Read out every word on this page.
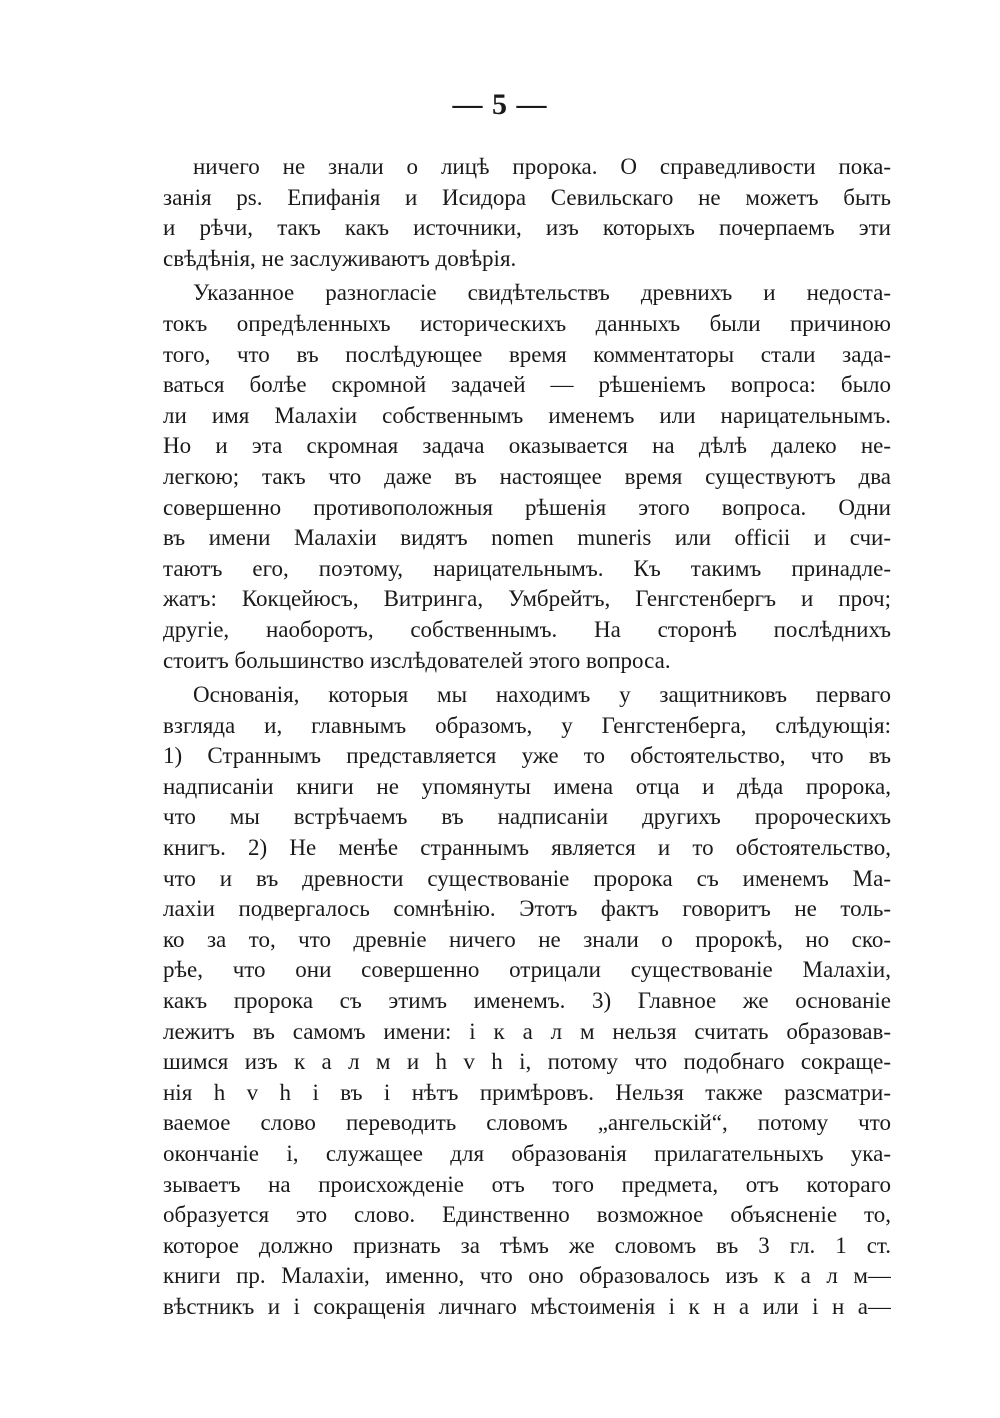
— 5 —
ничего не знали о лицѣ пророка. О справедливости пока-
занія ps. Епифанія и Исидора Севильскаго не можетъ быть
и рѣчи, такъ какъ источники, изъ которыхъ почерпаемъ эти
свѣдѣнія, не заслуживаютъ довѣрія.
Указанное разногласіе свидѣтельствъ древнихъ и недоста-
токъ опредѣленныхъ историческихъ данныхъ были причиною
того, что въ послѣдующее время комментаторы стали зада-
ваться болѣе скромной задачей — рѣшеніемъ вопроса: было
ли имя Малахіи собственнымъ именемъ или нарицательнымъ.
Но и эта скромная задача оказывается на дѣлѣ далеко не-
легкою; такъ что даже въ настоящее время существуютъ два
совершенно противоположныя рѣшенія этого вопроса. Одни
въ имени Малахіи видятъ nomen muneris или officii и счи-
таютъ его, поэтому, нарицательнымъ. Къ такимъ принадле-
жатъ: Кокцейюсъ, Витринга, Умбрейтъ, Генгстенбергъ и проч;
другіе, наоборотъ, собственнымъ. На сторонѣ послѣднихъ
стоитъ большинство изслѣдователей этого вопроса.
Основанія, которыя мы находимъ у защитниковъ перваго
взгляда и, главнымъ образомъ, у Генгстенберга, слѣдующія:
1) Страннымъ представляется уже то обстоятельство, что въ
надписаніи книги не упомянуты имена отца и дѣда пророка,
что мы встрѣчаемъ въ надписаніи другихъ пророческихъ
книгъ. 2) Не менѣе страннымъ является и то обстоятельство,
что и въ древности существованіе пророка съ именемъ Ма-
лахіи подвергалось сомнѣнію. Этотъ фактъ говоритъ не толь-
ко за то, что древніе ничего не знали о пророкѣ, но ско-
рѣе, что они совершенно отрицали существованіе Малахіи,
какъ пророка съ этимъ именемъ. 3) Главное же основаніе
лежитъ въ самомъ имени: і к а л м нельзя считать образовав-
шимся изъ к а л м и h v h і, потому что подобнаго сокраще-
нія h v h і въ і нѣтъ примѣровъ. Нельзя также разсматри-
ваемое слово переводить словомъ „ангельскій“, потому что
окончаніе і, служащее для образованія прилагательныхъ ука-
зываетъ на происхожденіе отъ того предмета, отъ котораго
образуется это слово. Единственно возможное объясненіе то,
которое должно признать за тѣмъ же словомъ въ 3 гл. 1 ст.
книги пр. Малахіи, именно, что оно образовалось изъ к а л м—
вѣстникъ и і сокращенія личнаго мѣстоименія і к н а или і н а—
